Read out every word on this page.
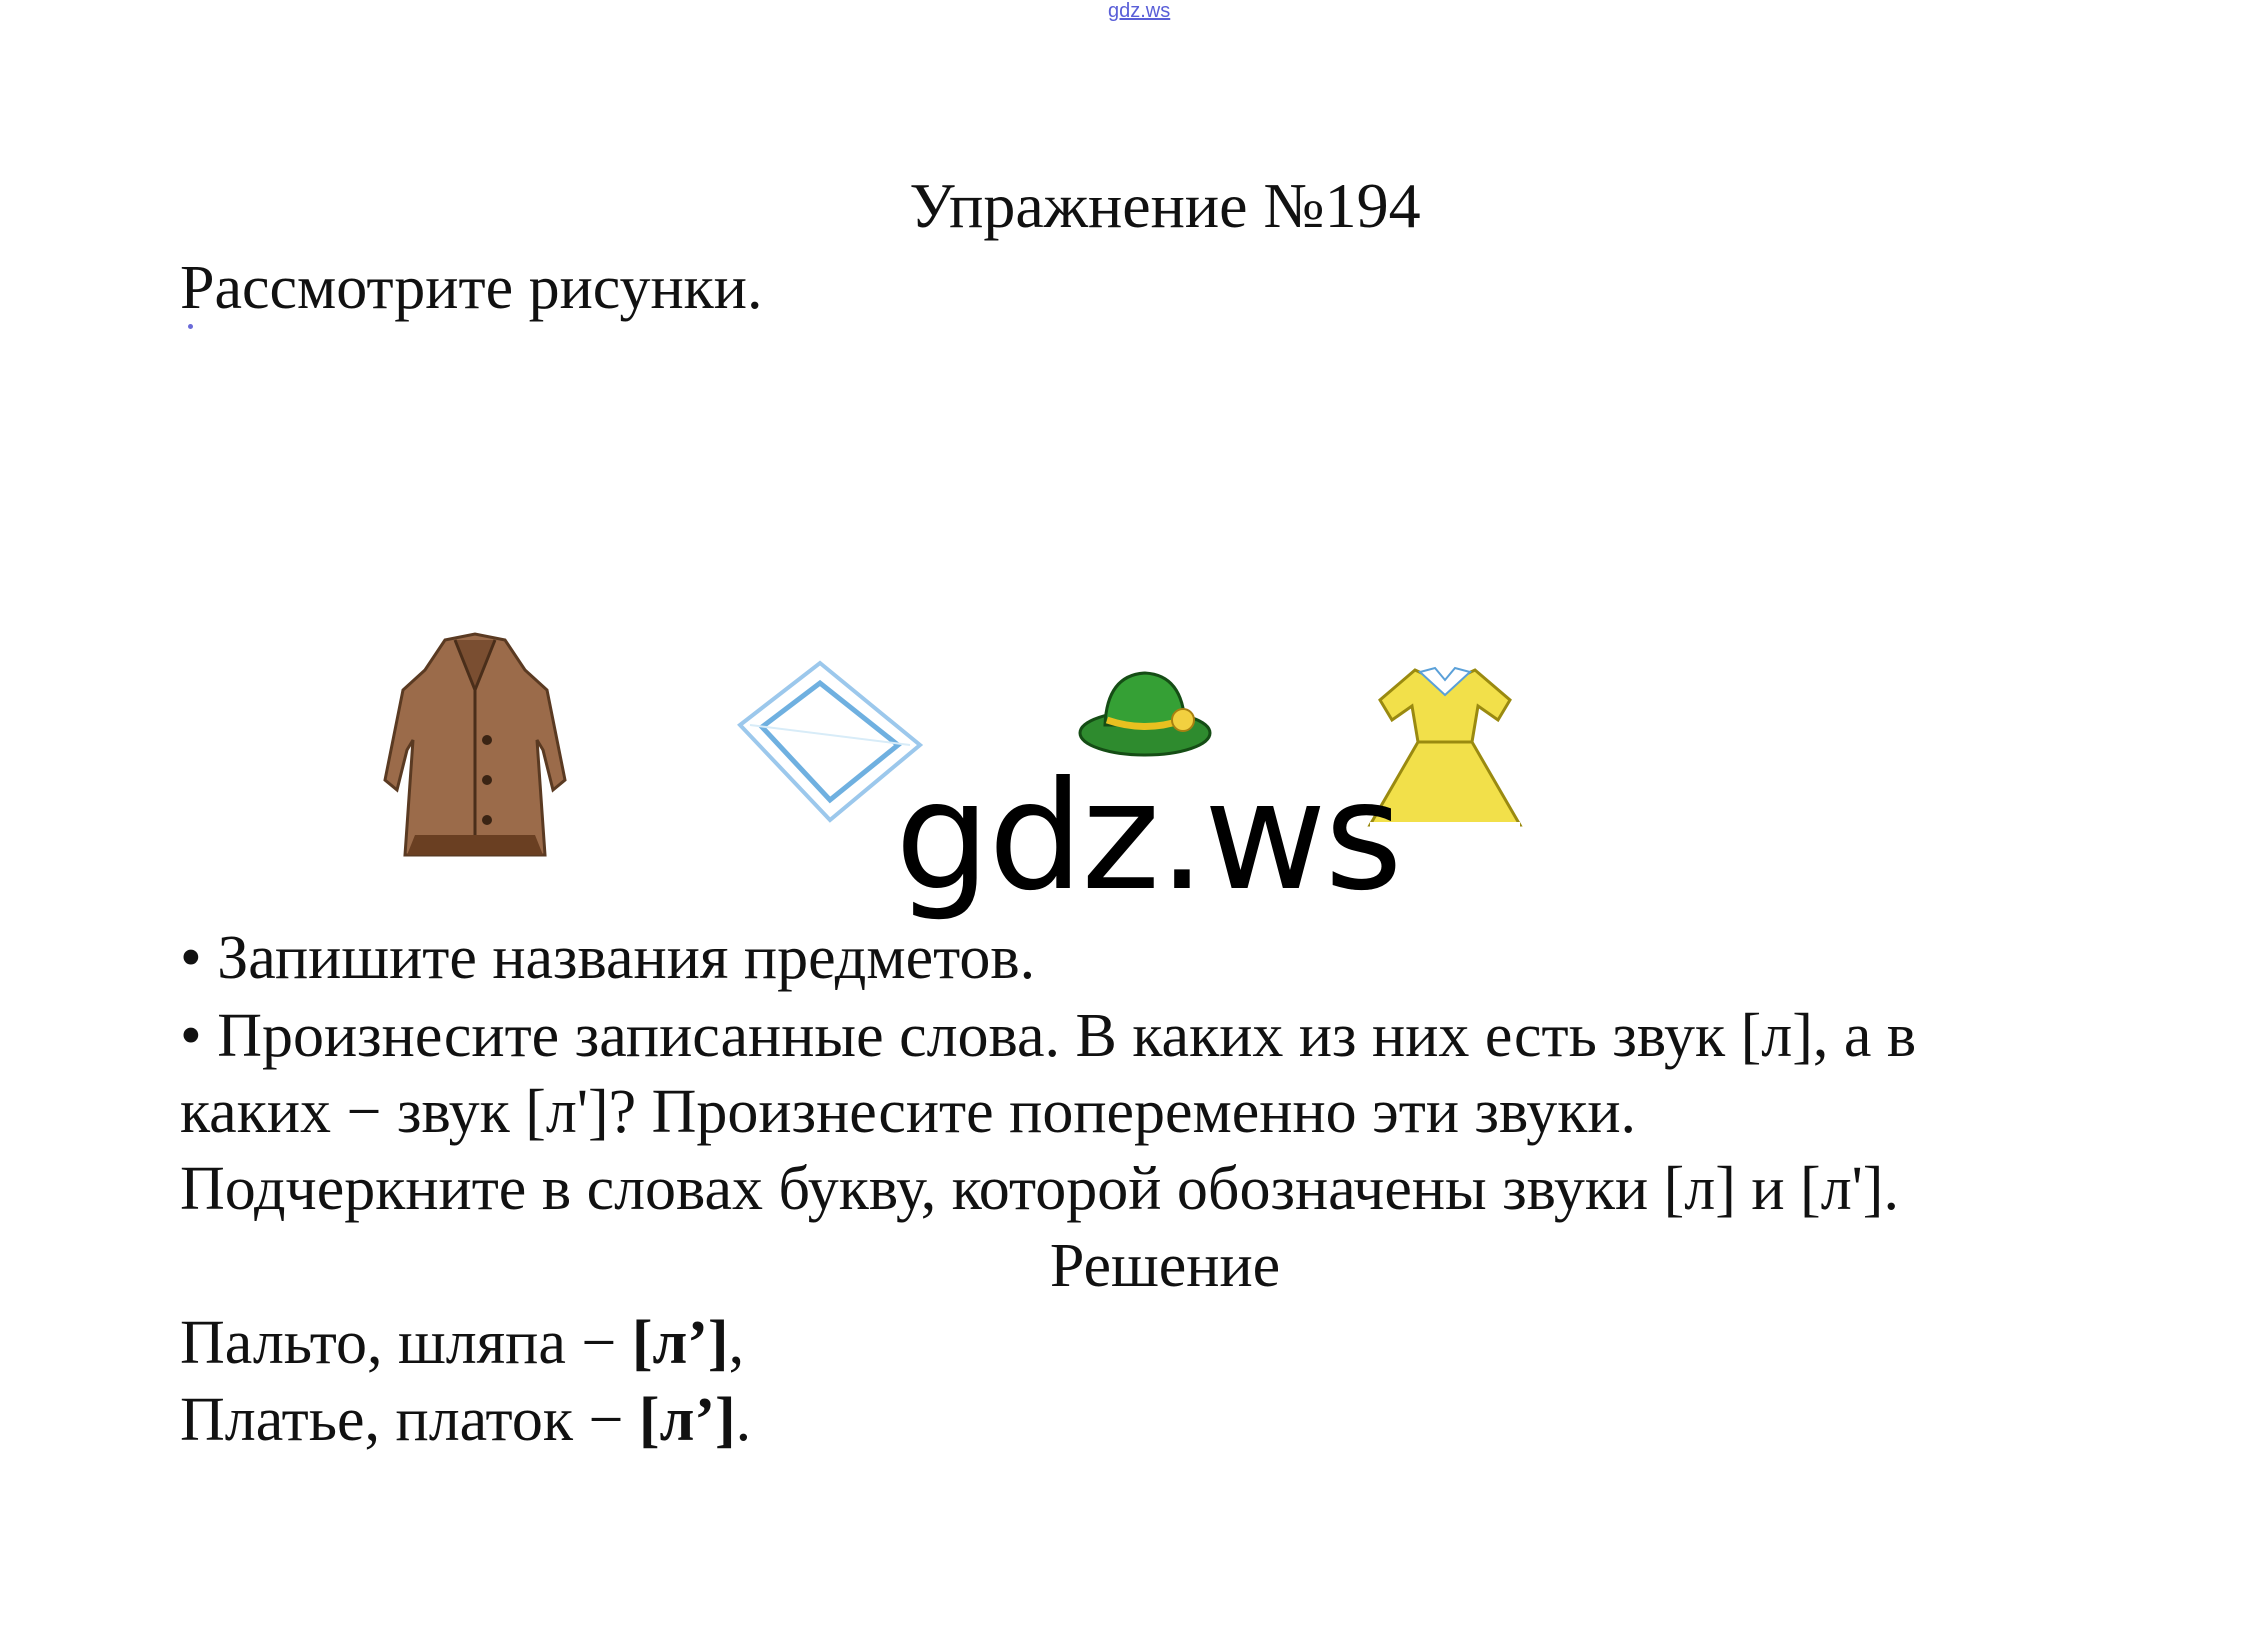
gdz.ws
Упражнение №194
Рассмотрите рисунки.
gdz.ws
• Запишите названия предметов.
• Произнесите записанные слова. В каких из них есть звук [л], а в
каких − звук [л']? Произнесите попеременно эти звуки.
Подчеркните в словах букву, которой обозначены звуки [л] и [л'].
Решение
Пальто, шляпа − [л’],
Платье, платок − [л’].
